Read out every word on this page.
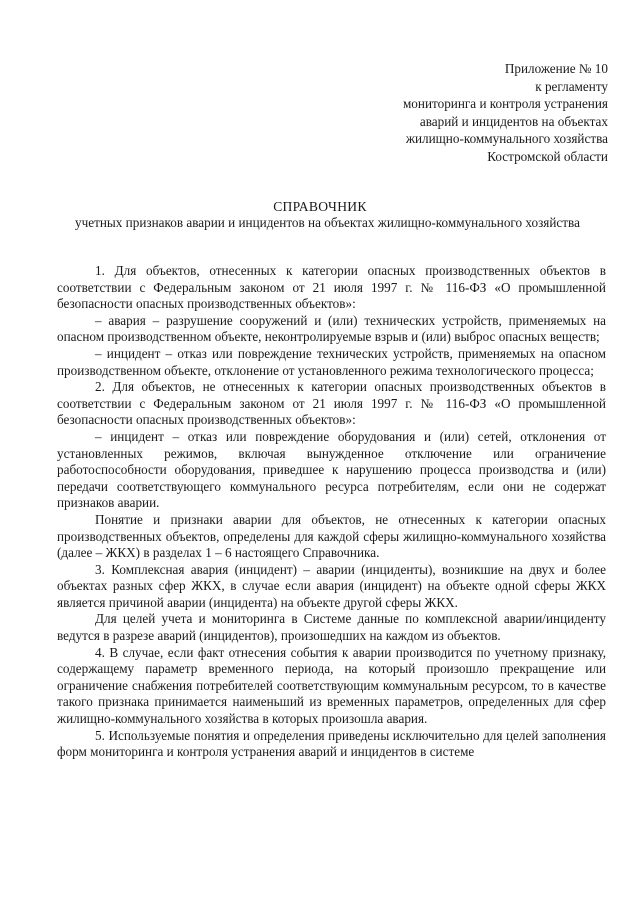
Приложение № 10
к регламенту
мониторинга и контроля устранения
аварий и инцидентов на объектах
жилищно-коммунального хозяйства
Костромской области
СПРАВОЧНИК
учетных признаков аварии и инцидентов на объектах жилищно-коммунального хозяйства

1. Для объектов, отнесенных к категории опасных производственных объектов в соответствии с Федеральным законом от 21 июля 1997 г. № 116-ФЗ «О промышленной безопасности опасных производственных объектов»:

– авария – разрушение сооружений и (или) технических устройств, применяемых на опасном производственном объекте, неконтролируемые взрыв и (или) выброс опасных веществ;

– инцидент – отказ или повреждение технических устройств, применяемых на опасном производственном объекте, отклонение от установленного режима технологического процесса;

2. Для объектов, не отнесенных к категории опасных производственных объектов в соответствии с Федеральным законом от 21 июля 1997 г. № 116-ФЗ «О промышленной безопасности опасных производственных объектов»:

– инцидент – отказ или повреждение оборудования и (или) сетей, отклонения от установленных режимов, включая вынужденное отключение или ограничение работоспособности оборудования, приведшее к нарушению процесса производства и (или) передачи соответствующего коммунального ресурса потребителям, если они не содержат признаков аварии.

Понятие и признаки аварии для объектов, не отнесенных к категории опасных производственных объектов, определены для каждой сферы жилищно-коммунального хозяйства (далее – ЖКХ) в разделах 1 – 6 настоящего Справочника.

3. Комплексная авария (инцидент) – аварии (инциденты), возникшие на двух и более объектах разных сфер ЖКХ, в случае если авария (инцидент) на объекте одной сферы ЖКХ является причиной аварии (инцидента) на объекте другой сферы ЖКХ.

Для целей учета и мониторинга в Системе данные по комплексной аварии/инциденту ведутся в разрезе аварий (инцидентов), произошедших на каждом из объектов.

4. В случае, если факт отнесения события к аварии производится по учетному признаку, содержащему параметр временного периода, на который произошло прекращение или ограничение снабжения потребителей соответствующим коммунальным ресурсом, то в качестве такого признака принимается наименьший из временных параметров, определенных для сфер жилищно-коммунального хозяйства в которых произошла авария.

5. Используемые понятия и определения приведены исключительно для целей заполнения форм мониторинга и контроля устранения аварий и инцидентов в системе
